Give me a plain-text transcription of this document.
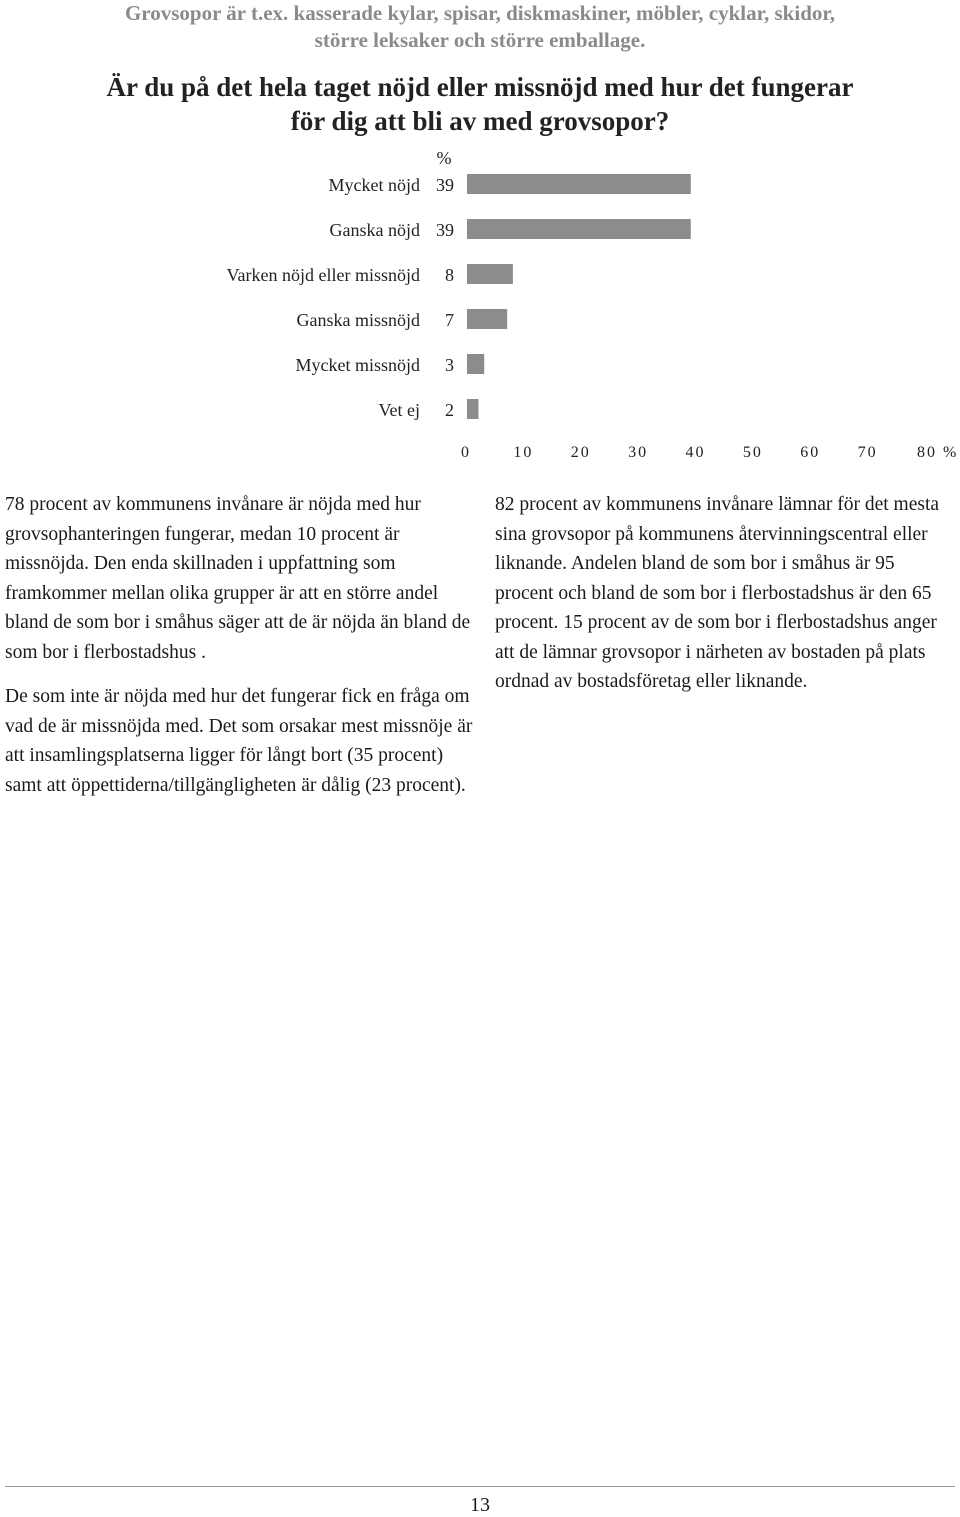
Grovsopor är t.ex. kasserade kylar, spisar, diskmaskiner, möbler, cyklar, skidor,
större leksaker och större emballage.
Är du på det hela taget nöjd eller missnöjd med hur det fungerar
för dig att bli av med grovsopor?
%
Mycket nöjd 39
Ganska nöjd 39
Varken nöjd eller missnöjd 8
Ganska missnöjd 7
Mycket missnöjd 3
Vet ej 2
0	10 20 30 40 50 60 70 80 %

78 procent av kommunens invånare är nöjda med hur grovsophanteringen fungerar, medan 10 procent är missnöjda. Den enda skillnaden i uppfattning som framkommer mellan olika grupper är att en större andel bland de som bor i småhus säger att de är nöjda än bland de som bor i flerbostadshus .

De som inte är nöjda med hur det fungerar fick en fråga om vad de är missnöjda med. Det som orsakar mest missnöje är att insamlingsplatserna ligger för långt bort (35 procent) samt att öppettiderna/tillgängligheten är dålig (23 procent).

82 procent av kommunens invånare lämnar för det mesta sina grovsopor på kommunens återvinningscentral eller liknande. Andelen bland de som bor i småhus är 95 procent och bland de som bor i flerbostadshus är den 65 procent. 15 procent av de som bor i flerbostadshus anger att de lämnar grovsopor i närheten av bostaden på plats ordnad av bostadsföretag eller liknande.

13
